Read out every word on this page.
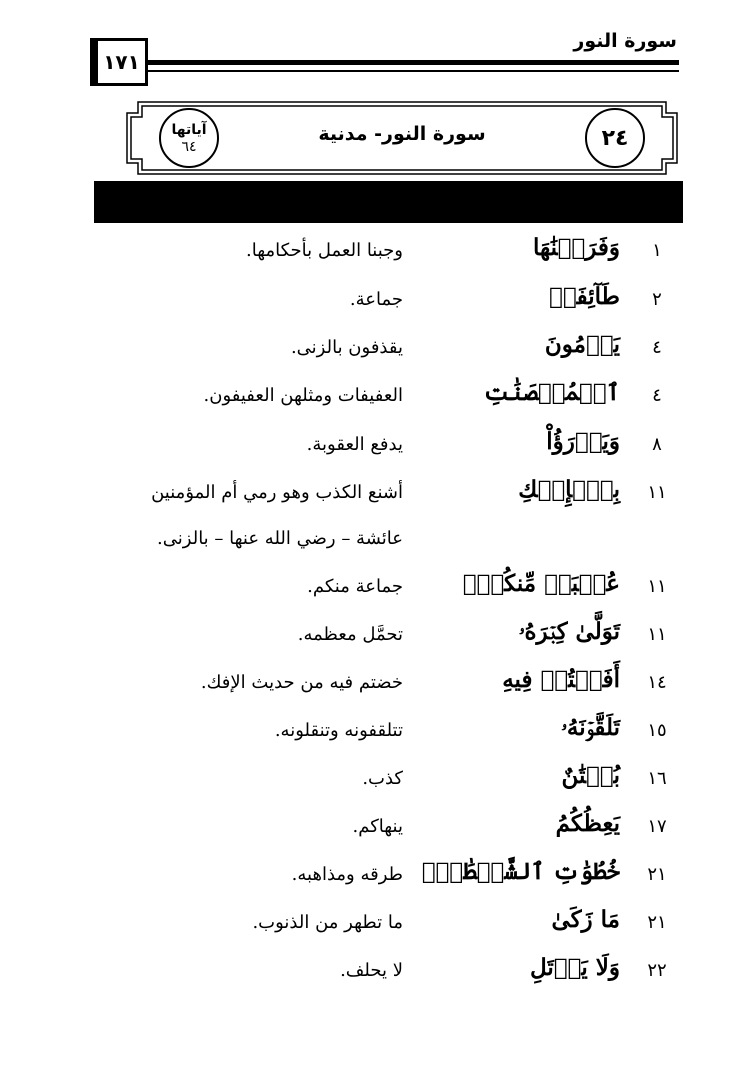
١٧١
سورة النور
آياتها
٦٤
سورة النور- مدنية	٢٤
١
وَفَرَضۡنَٰهَا
وجبنا العمل بأحكامها.
٢
طَآئِفَةٞ
جماعة.
٤
يَرۡمُونَ
يقذفون بالزنى.
٤
ٱلۡمُحۡصَنَٰتِ
العفيفات ومثلهن العفيفون.
٨
وَيَدۡرَؤُاْ
يدفع العقوبة.
١١
بِٱلۡإِفۡكِ
أشنع الكذب وهو رمي أم المؤمنين
عائشة – رضي الله عنها – بالزنى.
١١
عُصۡبَةٞ مِّنكُمۡۚ
جماعة منكم.
١١
تَوَلَّىٰ كِبۡرَهُۥ
تحمَّل معظمه.
١٤
أَفَضۡتُمۡ فِيهِ
خضتم فيه من حديث الإفك.
١٥
تَلَقَّوۡنَهُۥ
تتلقفونه وتنقلونه.
١٦
بُهۡتَٰنٌ
كذب.
١٧
يَعِظُكُمُ
ينهاكم.
٢١
خُطُوَٰتِ ٱلشَّيۡطَٰنِۚ
طرقه ومذاهبه.
٢١
مَا زَكَىٰ
ما تطهر من الذنوب.
٢٢
وَلَا يَأۡتَلِ
لا يحلف.
